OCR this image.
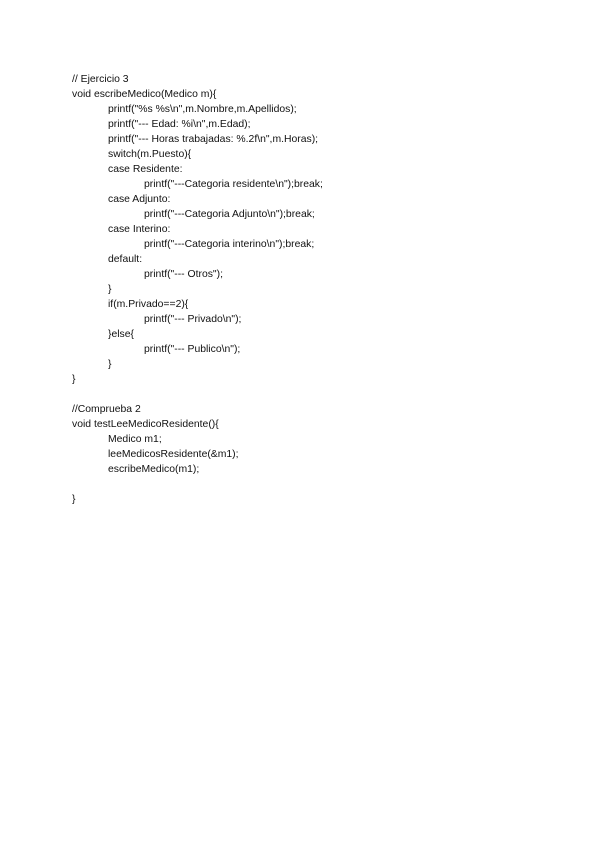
// Ejercicio 3
void escribeMedico(Medico m){
printf("%s %s\n",m.Nombre,m.Apellidos);
printf("--- Edad: %i\n",m.Edad);
printf("--- Horas trabajadas: %.2f\n",m.Horas);
switch(m.Puesto){
case Residente:
printf("---Categoria residente\n");break;
case Adjunto:
printf("---Categoria Adjunto\n");break;
case Interino:
printf("---Categoria interino\n");break;
default:
printf("--- Otros");
}
if(m.Privado==2){
printf("--- Privado\n");
}else{
printf("--- Publico\n");
}
}
//Comprueba 2
void testLeeMedicoResidente(){
Medico m1;
leeMedicosResidente(&m1);
escribeMedico(m1);
}
